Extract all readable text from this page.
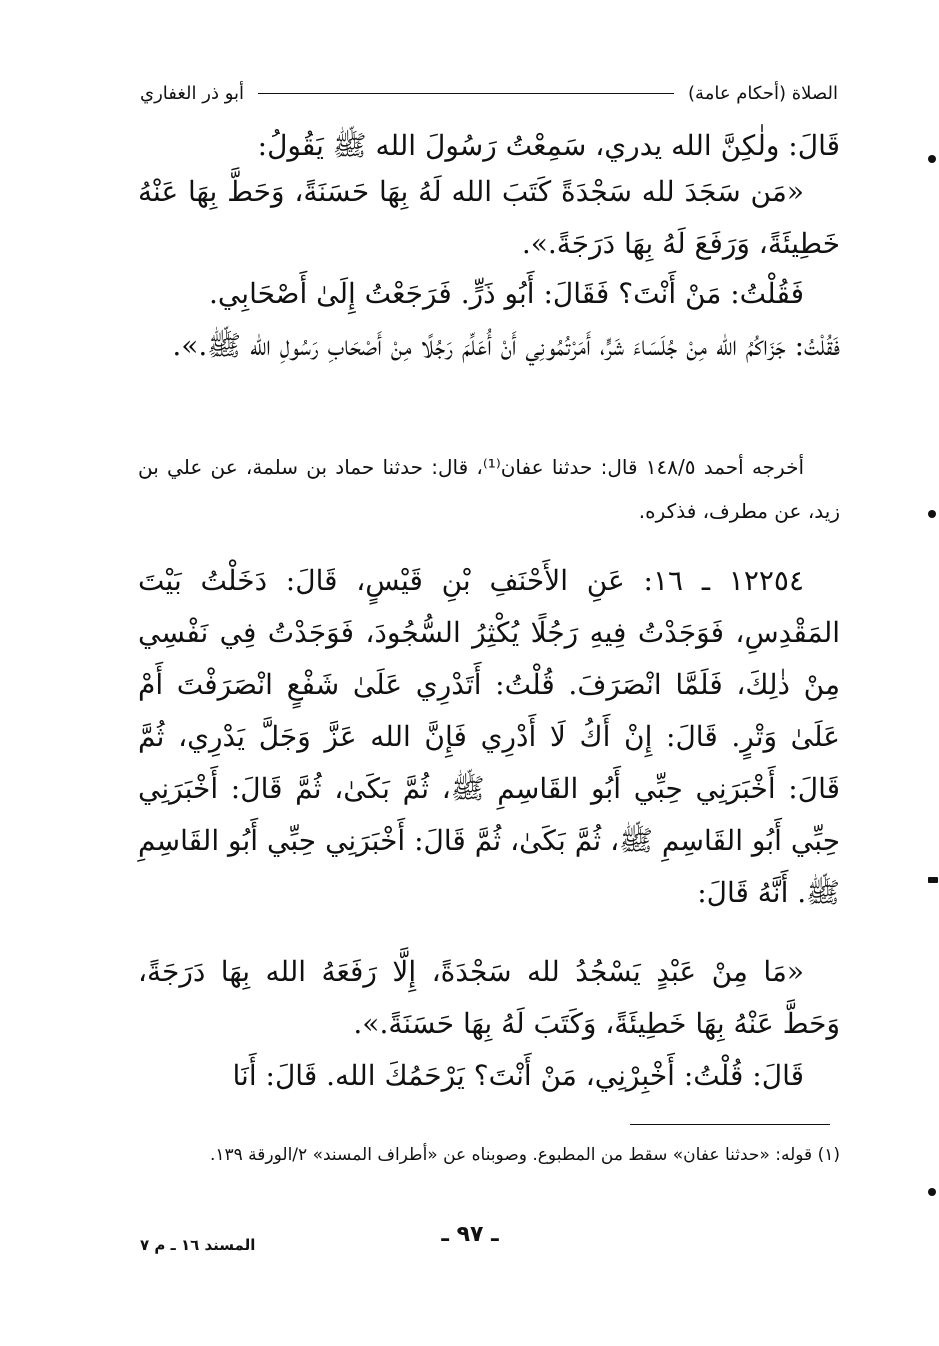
الصلاة (أحكام عامة)
أبو ذر الغفاري
قَالَ: ولٰكِنَّ الله يدري، سَمِعْتُ رَسُولَ الله ﷺ يَقُولُ:
«مَن سَجَدَ لله سَجْدَةً كَتَبَ الله لَهُ بِهَا حَسَنَةً، وَحَطَّ بِهَا عَنْهُ خَطِيئَةً، وَرَفَعَ لَهُ بِهَا دَرَجَةً.».
فَقُلْتُ: مَنْ أَنْتَ؟ فَقَالَ: أَبُو ذَرٍّ. فَرَجَعْتُ إِلَىٰ أَصْحَابِي.
فَقُلْتُ: جَزَاكُمُ الله مِنْ جُلَسَاءَ شَرٍّ، أَمَرْتُمُونِي أَنْ أُعَلِّمَ رَجُلًا مِنْ أَصْحَابِ رَسُولِ الله ﷺ.».
أخرجه أحمد ١٤٨/٥ قال: حدثنا عفان⁽¹⁾، قال: حدثنا حماد بن سلمة، عن علي بن زيد، عن مطرف، فذكره.
١٢٢٥٤ ـ ١٦: عَنِ الأَحْنَفِ بْنِ قَيْسٍ، قَالَ: دَخَلْتُ بَيْتَ المَقْدِسِ، فَوَجَدْتُ فِيهِ رَجُلًا يُكْثِرُ السُّجُودَ، فَوَجَدْتُ فِي نَفْسِي مِنْ ذٰلِكَ، فَلَمَّا انْصَرَفَ. قُلْتُ: أَتَدْرِي عَلَىٰ شَفْعٍ انْصَرَفْتَ أَمْ عَلَىٰ وَتْرٍ. قَالَ: إِنْ أَكُ لَا أَدْرِي فَإِنَّ الله عَزَّ وَجَلَّ يَدْرِي، ثُمَّ قَالَ: أَخْبَرَنِي حِبِّي أَبُو القَاسِمِ ﷺ، ثُمَّ بَكَىٰ، ثُمَّ قَالَ: أَخْبَرَنِي حِبِّي أَبُو القَاسِمِ ﷺ، ثُمَّ بَكَىٰ، ثُمَّ قَالَ: أَخْبَرَنِي حِبِّي أَبُو القَاسِمِ ﷺ. أَنَّهُ قَالَ:
«مَا مِنْ عَبْدٍ يَسْجُدُ لله سَجْدَةً، إِلَّا رَفَعَهُ الله بِهَا دَرَجَةً، وَحَطَّ عَنْهُ بِهَا خَطِيئَةً، وَكَتَبَ لَهُ بِهَا حَسَنَةً.».
قَالَ: قُلْتُ: أَخْبِرْنِي، مَنْ أَنْتَ؟ يَرْحَمُكَ الله. قَالَ: أَنَا
(١) قوله: «حدثنا عفان» سقط من المطبوع. وصوبناه عن «أطراف المسند» ٢/الورقة ١٣٩.
ـ ٩٧ ـ
المسند ١٦ ـ م ٧
